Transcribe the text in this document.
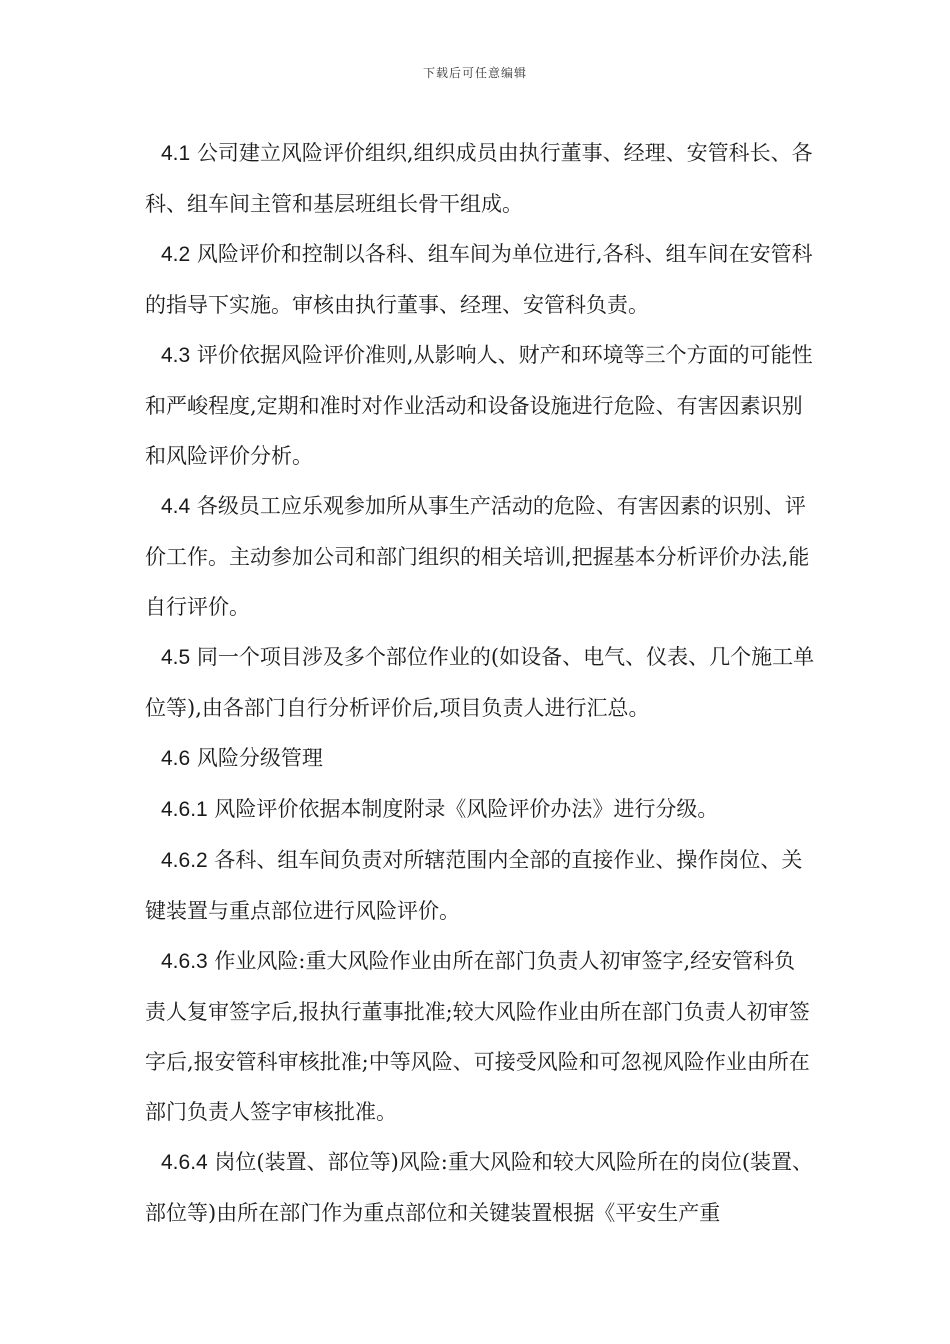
下载后可任意编辑

4.1 公司建立风险评价组织,组织成员由执行董事、经理、安管科长、各科、组车间主管和基层班组长骨干组成。

4.2 风险评价和控制以各科、组车间为单位进行,各科、组车间在安管科的指导下实施。审核由执行董事、经理、安管科负责。

4.3 评价依据风险评价准则,从影响人、财产和环境等三个方面的可能性和严峻程度,定期和准时对作业活动和设备设施进行危险、有害因素识别和风险评价分析。

4.4 各级员工应乐观参加所从事生产活动的危险、有害因素的识别、评价工作。主动参加公司和部门组织的相关培训,把握基本分析评价办法,能自行评价。

4.5 同一个项目涉及多个部位作业的(如设备、电气、仪表、几个施工单位等),由各部门自行分析评价后,项目负责人进行汇总。

4.6 风险分级管理

4.6.1 风险评价依据本制度附录《风险评价办法》进行分级。

4.6.2 各科、组车间负责对所辖范围内全部的直接作业、操作岗位、关键装置与重点部位进行风险评价。

4.6.3 作业风险:重大风险作业由所在部门负责人初审签字,经安管科负责人复审签字后,报执行董事批准;较大风险作业由所在部门负责人初审签字后,报安管科审核批准;中等风险、可接受风险和可忽视风险作业由所在部门负责人签字审核批准。

4.6.4 岗位(装置、部位等)风险:重大风险和较大风险所在的岗位(装置、部位等)由所在部门作为重点部位和关键装置根据《平安生产重
